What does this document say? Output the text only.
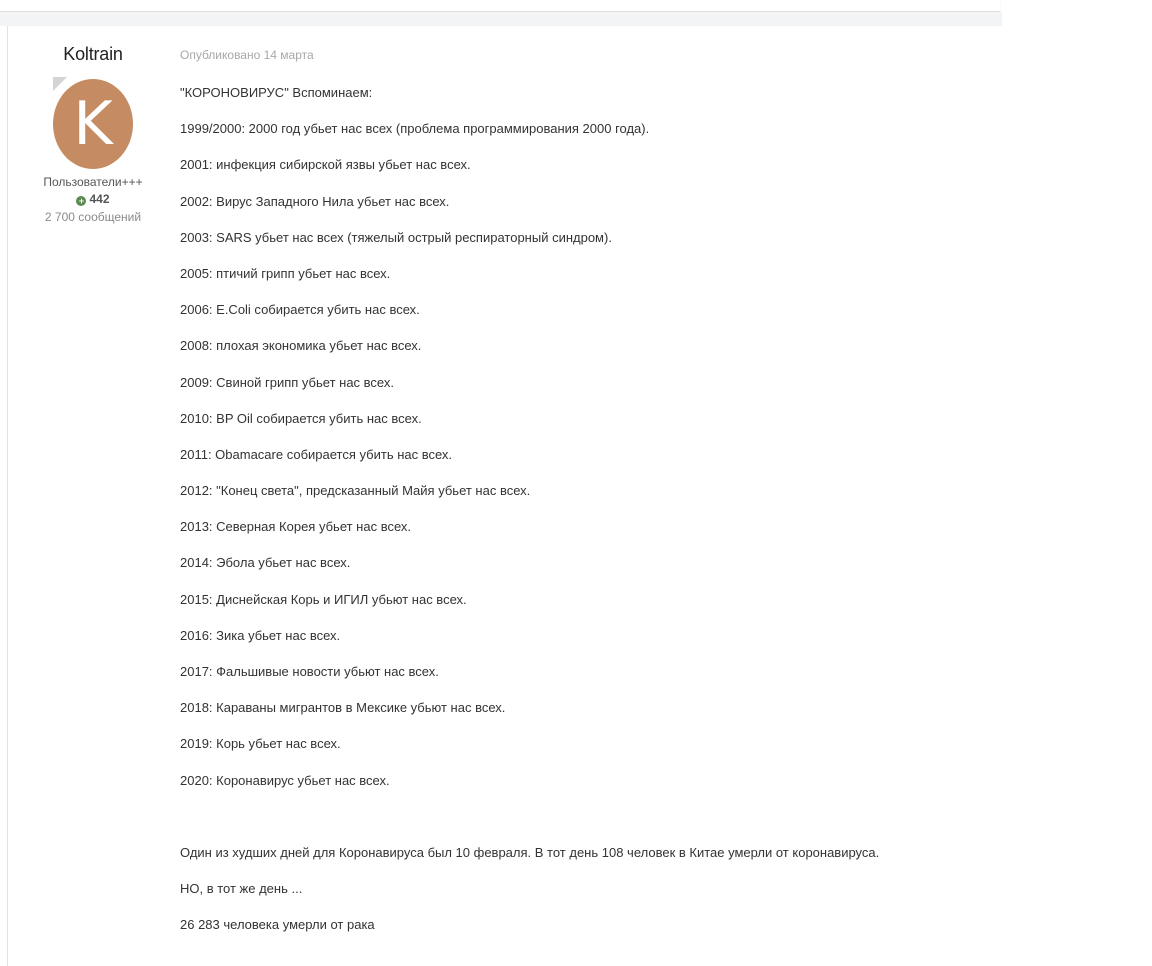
Koltrain
K
Пользователи+++
+ 442
2 700 сообщений
Опубликовано 14 марта
"КОРОНОВИРУС" Вспоминаем:
1999/2000: 2000 год убьет нас всех (проблема программирования 2000 года).
2001: инфекция сибирской язвы убьет нас всех.
2002: Вирус Западного Нила убьет нас всех.
2003: SARS убьет нас всех (тяжелый острый респираторный синдром).
2005: птичий грипп убьет нас всех.
2006: E.Coli собирается убить нас всех.
2008: плохая экономика убьет нас всех.
2009: Свиной грипп убьет нас всех.
2010: BP Oil собирается убить нас всех.
2011: Obamacare собирается убить нас всех.
2012: "Конец света", предсказанный Майя убьет нас всех.
2013: Северная Корея убьет нас всех.
2014: Эбола убьет нас всех.
2015: Диснейская Корь и ИГИЛ убьют нас всех.
2016: Зика убьет нас всех.
2017: Фальшивые новости убьют нас всех.
2018: Караваны мигрантов в Мексике убьют нас всех.
2019: Корь убьет нас всех.
2020: Коронавирус убьет нас всех.
Один из худших дней для Коронавируса был 10 февраля. В тот день 108 человек в Китае умерли от коронавируса.
НО, в тот же день ...
26 283 человека умерли от рака
